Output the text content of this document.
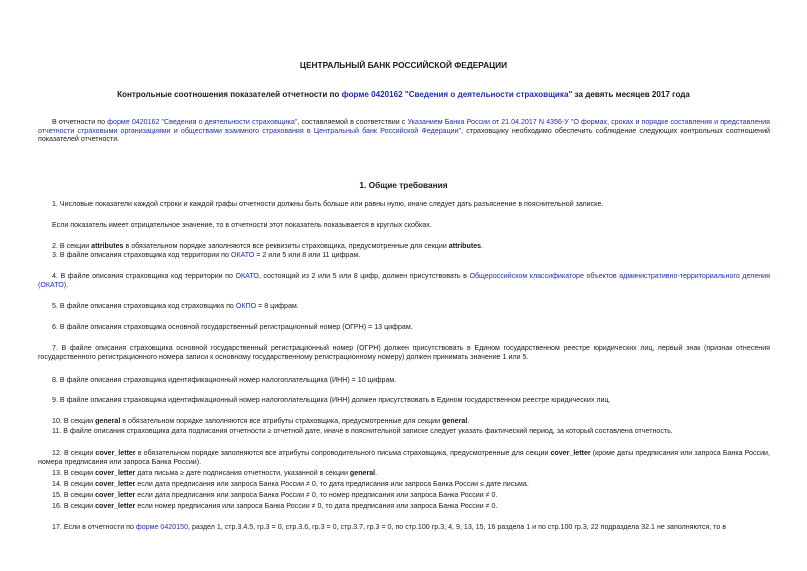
ЦЕНТРАЛЬНЫЙ БАНК РОССИЙСКОЙ ФЕДЕРАЦИИ
Контрольные соотношения показателей отчетности по форме 0420162 "Сведения о деятельности страховщика" за девять месяцев 2017 года
В отчетности по форме 0420162 "Сведения о деятельности страховщика", составляемой в соответствии с Указанием Банка России от 21.04.2017 N 4356-У "О формах, сроках и порядке составления и представления отчетности страховыми организациями и обществами взаимного страхования в Центральный банк Российской Федерации", страховщику необходимо обеспечить соблюдение следующих контрольных соотношений показателей отчетности.
1. Общие требования
1. Числовые показатели каждой строки и каждой графы отчетности должны быть больше или равны нулю, иначе следует дать разъяснение в пояснительной записке.
Если показатель имеет отрицательное значение, то в отчетности этот показатель показывается в круглых скобках.
2. В секции attributes в обязательном порядке заполняются все реквизиты страховщика, предусмотренные для секции attributes.
3. В файле описания страховщика код территории по ОКАТО = 2 или 5 или 8 или 11 цифрам.
4. В файле описания страховщика код территории по ОКАТО, состоящий из 2 или 5 или 8 цифр, должен присутствовать в Общероссийском классификаторе объектов административно-территориального деления (ОКАТО).
5. В файле описания страховщика код страховщика по ОКПО = 8 цифрам.
6. В файле описания страховщика основной государственный регистрационный номер (ОГРН) = 13 цифрам.
7. В файле описания страховщика основной государственный регистрационный номер (ОГРН) должен присутствовать в Едином государственном реестре юридических лиц, первый знак (признак отнесения государственного регистрационного номера записи к основному государственному регистрационному номеру) должен принимать значение 1 или 5.
8. В файле описания страховщика идентификационный номер налогоплательщика (ИНН) = 10 цифрам.
9. В файле описания страховщика идентификационный номер налогоплательщика (ИНН) должен присутствовать в Едином государственном реестре юридических лиц.
10. В секции general в обязательном порядке заполняются все атрибуты страховщика, предусмотренные для секции general.
11. В файле описания страховщика дата подписания отчетности ≥ отчетной дате, иначе в пояснительной записке следует указать фактический период, за который составлена отчетность.
12. В секции cover_letter в обязательном порядке заполняются все атрибуты сопроводительного письма страховщика, предусмотренные для секции cover_letter (кроме даты предписания или запроса Банка России, номера предписания или запроса Банка России).
13. В секции cover_letter дата письма ≥ дате подписания отчетности, указанной в секции general.
14. В секции cover_letter если дата предписания или запроса Банка России ≠ 0, то дата предписания или запроса Банка России ≤ дате письма.
15. В секции cover_letter если дата предписания или запроса Банка России ≠ 0, то номер предписания или запроса Банка России ≠ 0.
16. В секции cover_letter если номер предписания или запроса Банка России ≠ 0, то дата предписания или запроса Банка России ≠ 0.
17. Если в отчетности по форме 0420150, раздел 1, стр.3.4.5, гр.3 = 0, стр.3.6, гр.3 = 0, стр.3.7, гр.3 = 0, по стр.100 гр.3, 4, 9, 13, 15, 16 раздела 1 и по стр.100 гр.3, 22 подраздела 32.1 не заполняются, то в
